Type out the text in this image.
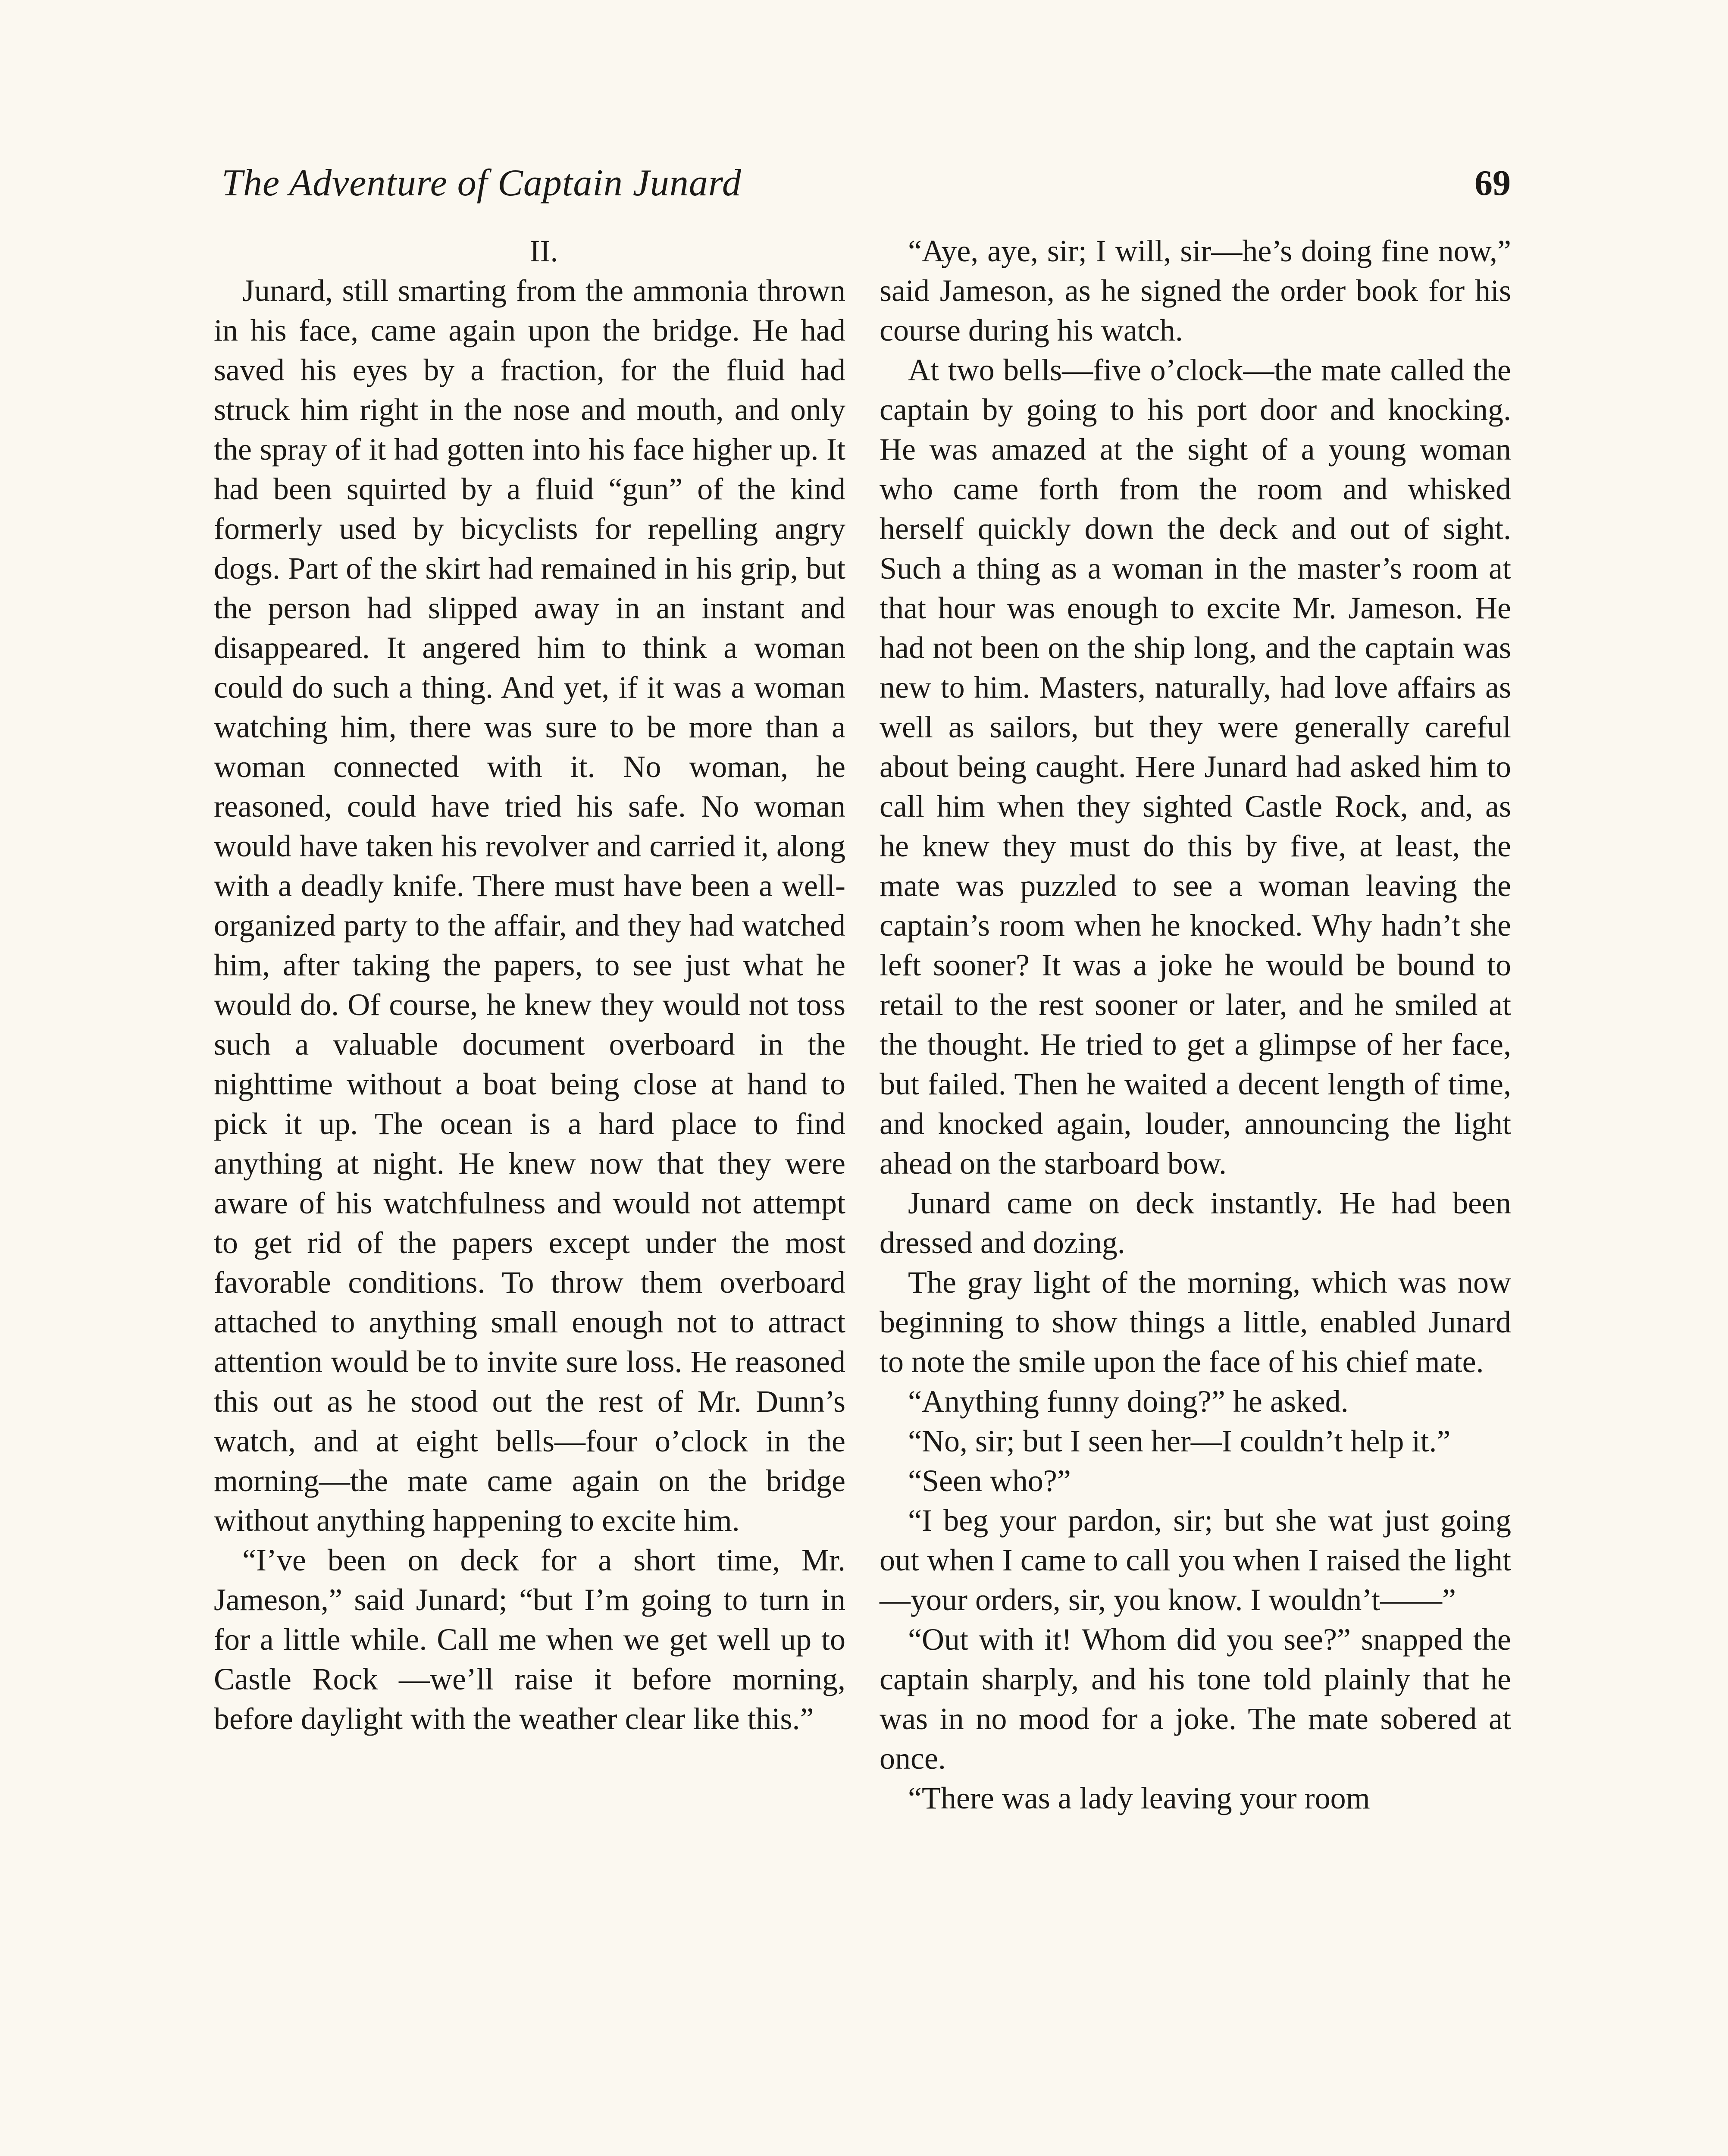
The Adventure of Captain Junard	69

II.

Junard, still smarting from the ammonia thrown in his face, came again upon the bridge. He had saved his eyes by a fraction, for the fluid had struck him right in the nose and mouth, and only the spray of it had gotten into his face higher up. It had been squirted by a fluid “gun” of the kind formerly used by bicyclists for repelling angry dogs. Part of the skirt had remained in his grip, but the person had slipped away in an instant and disappeared. It angered him to think a woman could do such a thing. And yet, if it was a woman watching him, there was sure to be more than a woman connected with it. No woman, he reasoned, could have tried his safe. No woman would have taken his revolver and carried it, along with a deadly knife. There must have been a well-organized party to the affair, and they had watched him, after taking the papers, to see just what he would do. Of course, he knew they would not toss such a valuable document overboard in the nighttime without a boat being close at hand to pick it up. The ocean is a hard place to find anything at night. He knew now that they were aware of his watchfulness and would not attempt to get rid of the papers except under the most favorable conditions. To throw them overboard attached to anything small enough not to attract attention would be to invite sure loss. He reasoned this out as he stood out the rest of Mr. Dunn’s watch, and at eight bells—four o’clock in the morning—the mate came again on the bridge without anything happening to excite him.

“I’ve been on deck for a short time, Mr. Jameson,” said Junard; “but I’m going to turn in for a little while. Call me when we get well up to Castle Rock —we’ll raise it before morning, before daylight with the weather clear like this.”

“Aye, aye, sir; I will, sir—he’s doing fine now,” said Jameson, as he signed the order book for his course during his watch.

At two bells—five o’clock—the mate called the captain by going to his port door and knocking. He was amazed at the sight of a young woman who came forth from the room and whisked herself quickly down the deck and out of sight. Such a thing as a woman in the master’s room at that hour was enough to excite Mr. Jameson. He had not been on the ship long, and the captain was new to him. Masters, naturally, had love affairs as well as sailors, but they were generally careful about being caught. Here Junard had asked him to call him when they sighted Castle Rock, and, as he knew they must do this by five, at least, the mate was puzzled to see a woman leaving the captain’s room when he knocked. Why hadn’t she left sooner? It was a joke he would be bound to retail to the rest sooner or later, and he smiled at the thought. He tried to get a glimpse of her face, but failed. Then he waited a decent length of time, and knocked again, louder, announcing the light ahead on the starboard bow.

Junard came on deck instantly. He had been dressed and dozing.

The gray light of the morning, which was now beginning to show things a little, enabled Junard to note the smile upon the face of his chief mate.

“Anything funny doing?” he asked.

“No, sir; but I seen her—I couldn’t help it.”

“Seen who?”

“I beg your pardon, sir; but she wat just going out when I came to call you when I raised the light—your orders, sir, you know. I wouldn’t——”

“Out with it! Whom did you see?” snapped the captain sharply, and his tone told plainly that he was in no mood for a joke. The mate sobered at once.

“There was a lady leaving your room
